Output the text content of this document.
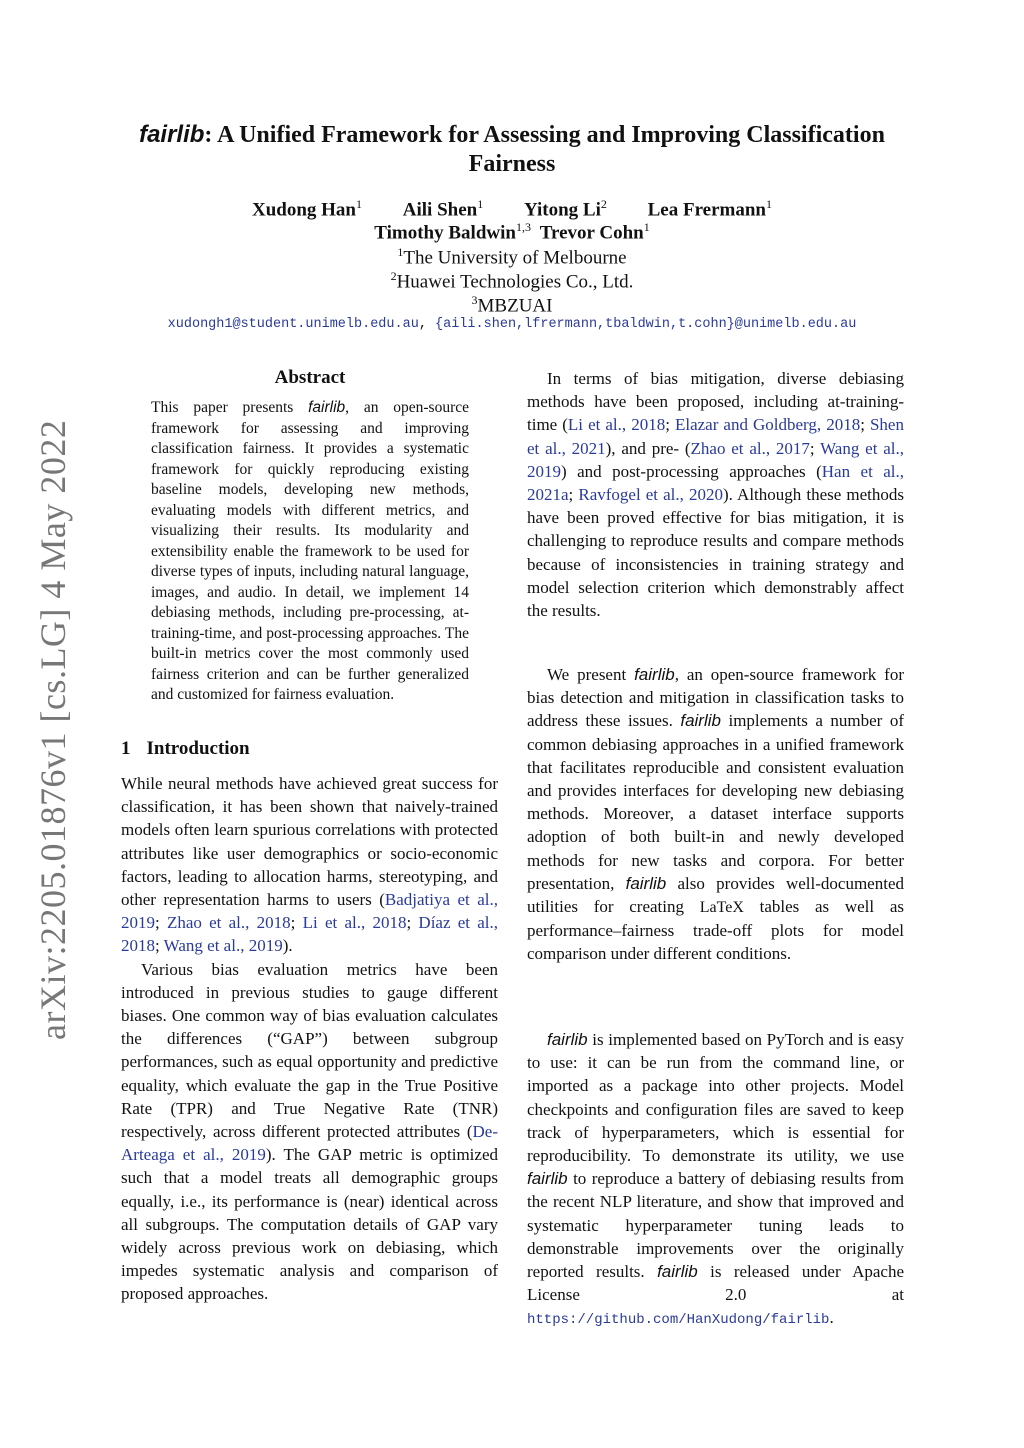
arXiv:2205.01876v1 [cs.LG] 4 May 2022
fairlib: A Unified Framework for Assessing and Improving Classification Fairness
Xudong Han$^1$ Aili Shen$^1$ Yitong Li$^2$ Lea Frermann$^1$
Timothy Baldwin$^{1,3}$ Trevor Cohn$^1$
$^1$The University of Melbourne
$^2$Huawei Technologies Co., Ltd.
$^3$MBZUAI
xudongh1@student.unimelb.edu.au, {aili.shen,lfrermann,tbaldwin,t.cohn}@unimelb.edu.au
Abstract
This paper presents fairlib, an open-source framework for assessing and improving classification fairness. It provides a systematic framework for quickly reproducing existing baseline models, developing new methods, evaluating models with different metrics, and visualizing their results. Its modularity and extensibility enable the framework to be used for diverse types of inputs, including natural language, images, and audio. In detail, we implement 14 debiasing methods, including pre-processing, at-training-time, and post-processing approaches. The built-in metrics cover the most commonly used fairness criterion and can be further generalized and customized for fairness evaluation.
1 Introduction

While neural methods have achieved great success for classification, it has been shown that naively-trained models often learn spurious correlations with protected attributes like user demographics or socio-economic factors, leading to allocation harms, stereotyping, and other representation harms to users (Badjatiya et al., 2019; Zhao et al., 2018; Li et al., 2018; Díaz et al., 2018; Wang et al., 2019).

Various bias evaluation metrics have been introduced in previous studies to gauge different biases. One common way of bias evaluation calculates the differences (“GAP”) between subgroup performances, such as equal opportunity and predictive equality, which evaluate the gap in the True Positive Rate (TPR) and True Negative Rate (TNR) respectively, across different protected attributes (De-Arteaga et al., 2019). The GAP metric is optimized such that a model treats all demographic groups equally, i.e., its performance is (near) identical across all subgroups. The computation details of GAP vary widely across previous work on debiasing, which impedes systematic analysis and comparison of proposed approaches.

In terms of bias mitigation, diverse debiasing methods have been proposed, including at-training-time (Li et al., 2018; Elazar and Goldberg, 2018; Shen et al., 2021), and pre- (Zhao et al., 2017; Wang et al., 2019) and post-processing approaches (Han et al., 2021a; Ravfogel et al., 2020). Although these methods have been proved effective for bias mitigation, it is challenging to reproduce results and compare methods because of inconsistencies in training strategy and model selection criterion which demonstrably affect the results.

We present fairlib, an open-source framework for bias detection and mitigation in classification tasks to address these issues. fairlib implements a number of common debiasing approaches in a unified framework that facilitates reproducible and consistent evaluation and provides interfaces for developing new debiasing methods. Moreover, a dataset interface supports adoption of both built-in and newly developed methods for new tasks and corpora. For better presentation, fairlib also provides well-documented utilities for creating LaTeX tables as well as performance–fairness trade-off plots for model comparison under different conditions.

fairlib is implemented based on PyTorch and is easy to use: it can be run from the command line, or imported as a package into other projects. Model checkpoints and configuration files are saved to keep track of hyperparameters, which is essential for reproducibility. To demonstrate its utility, we use fairlib to reproduce a battery of debiasing results from the recent NLP literature, and show that improved and systematic hyperparameter tuning leads to demonstrable improvements over the originally reported results. fairlib is released under Apache License 2.0 at https://github.com/HanXudong/fairlib.
